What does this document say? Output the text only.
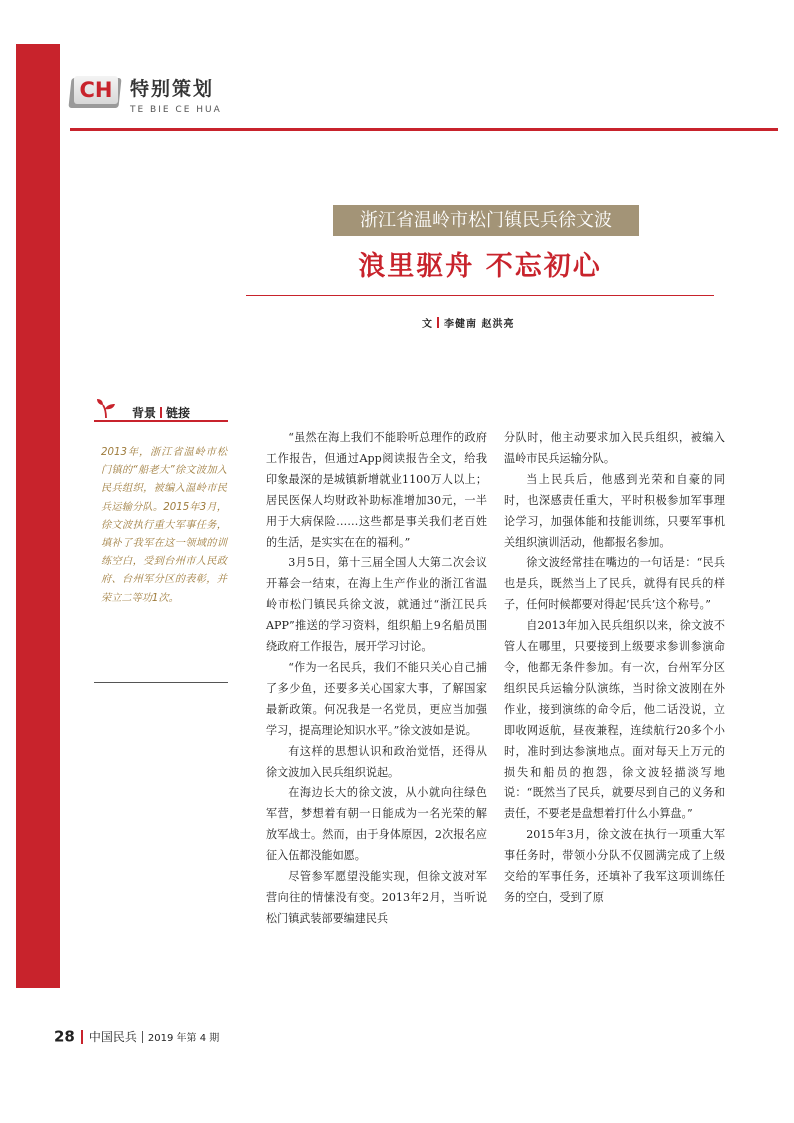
CH 特别策划
TE BIE CE HUA
浙江省温岭市松门镇民兵徐文波
浪里驱舟 不忘初心
文 李健南 赵洪亮
背景 链接
2013年，浙江省温岭市松门镇的“船老大”徐文波加入民兵组织，被编入温岭市民兵运输分队。2015年3月，徐文波执行重大军事任务，填补了我军在这一领域的训练空白，受到台州市人民政府、台州军分区的表彰，并荣立二等功1次。

“虽然在海上我们不能聆听总理作的政府工作报告，但通过App阅读报告全文，给我印象最深的是城镇新增就业1100万人以上；居民医保人均财政补助标准增加30元，一半用于大病保险……这些都是事关我们老百姓的生活，是实实在在的福利。”

3月5日，第十三届全国人大第二次会议开幕会一结束，在海上生产作业的浙江省温岭市松门镇民兵徐文波，就通过“浙江民兵APP”推送的学习资料，组织船上9名船员围绕政府工作报告，展开学习讨论。

“作为一名民兵，我们不能只关心自己捕了多少鱼，还要多关心国家大事，了解国家最新政策。何况我是一名党员，更应当加强学习，提高理论知识水平。”徐文波如是说。

有这样的思想认识和政治觉悟，还得从徐文波加入民兵组织说起。

在海边长大的徐文波，从小就向往绿色军营，梦想着有朝一日能成为一名光荣的解放军战士。然而，由于身体原因，2次报名应征入伍都没能如愿。

尽管参军愿望没能实现，但徐文波对军营向往的情愫没有变。2013年2月，当听说松门镇武装部要编建民兵

分队时，他主动要求加入民兵组织，被编入温岭市民兵运输分队。

当上民兵后，他感到光荣和自豪的同时，也深感责任重大，平时积极参加军事理论学习，加强体能和技能训练，只要军事机关组织演训活动，他都报名参加。

徐文波经常挂在嘴边的一句话是：“民兵也是兵，既然当上了民兵，就得有民兵的样子，任何时候都要对得起‘民兵’这个称号。”

自2013年加入民兵组织以来，徐文波不管人在哪里，只要接到上级要求参训参演命令，他都无条件参加。有一次，台州军分区组织民兵运输分队演练，当时徐文波刚在外作业，接到演练的命令后，他二话没说，立即收网返航，昼夜兼程，连续航行20多个小时，准时到达参演地点。面对每天上万元的损失和船员的抱怨，徐文波轻描淡写地说：“既然当了民兵，就要尽到自己的义务和责任，不要老是盘想着打什么小算盘。”

2015年3月，徐文波在执行一项重大军事任务时，带领小分队不仅圆满完成了上级交给的军事任务，还填补了我军这项训练任务的空白，受到了原

28 中国民兵 2019 年第 4 期
